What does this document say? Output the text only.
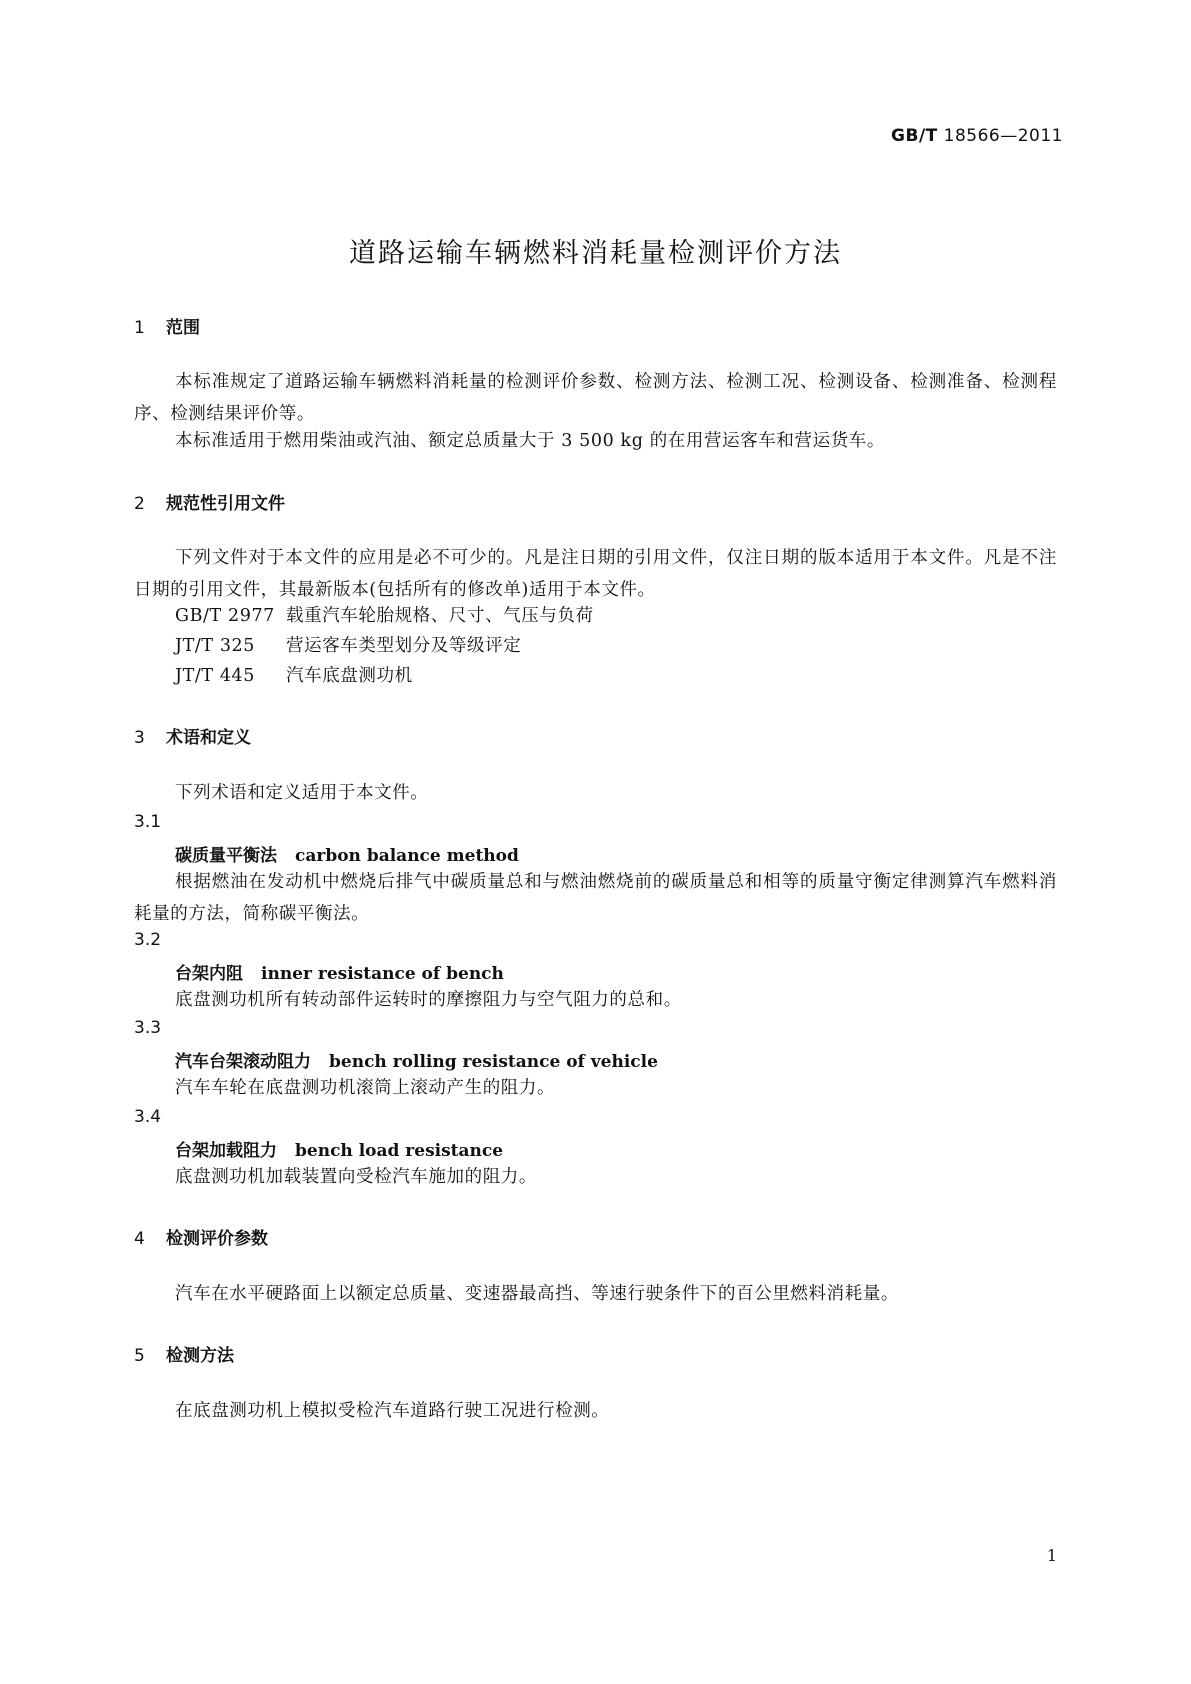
GB/T 18566—2011
道路运输车辆燃料消耗量检测评价方法
1 范围
本标准规定了道路运输车辆燃料消耗量的检测评价参数、检测方法、检测工况、检测设备、检测准备、检测程序、检测结果评价等。
本标准适用于燃用柴油或汽油、额定总质量大于 3 500 kg 的在用营运客车和营运货车。
2 规范性引用文件
下列文件对于本文件的应用是必不可少的。凡是注日期的引用文件，仅注日期的版本适用于本文件。凡是不注日期的引用文件，其最新版本(包括所有的修改单)适用于本文件。
GB/T 2977 载重汽车轮胎规格、尺寸、气压与负荷
JT/T 325 营运客车类型划分及等级评定
JT/T 445 汽车底盘测功机
3 术语和定义
下列术语和定义适用于本文件。
3.1
碳质量平衡法 carbon balance method
根据燃油在发动机中燃烧后排气中碳质量总和与燃油燃烧前的碳质量总和相等的质量守衡定律测算汽车燃料消耗量的方法，简称碳平衡法。
3.2
台架内阻 inner resistance of bench
底盘测功机所有转动部件运转时的摩擦阻力与空气阻力的总和。
3.3
汽车台架滚动阻力 bench rolling resistance of vehicle
汽车车轮在底盘测功机滚筒上滚动产生的阻力。
3.4
台架加载阻力 bench load resistance
底盘测功机加载装置向受检汽车施加的阻力。
4 检测评价参数
汽车在水平硬路面上以额定总质量、变速器最高挡、等速行驶条件下的百公里燃料消耗量。
5 检测方法
在底盘测功机上模拟受检汽车道路行驶工况进行检测。
1
